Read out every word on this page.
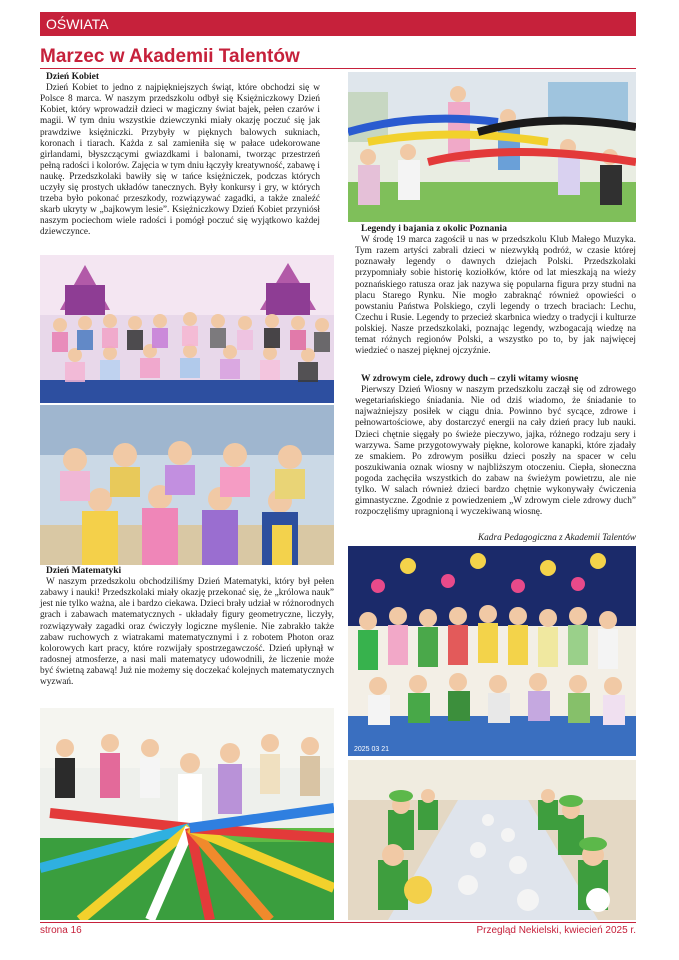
OŚWIATA
Marzec w Akademii Talentów
Dzień Kobiet

Dzień Kobiet to jedno z najpiękniejszych świąt, które obchodzi się w Polsce 8 marca. W naszym przedszkolu odbył się Księżniczkowy Dzień Kobiet, który wprowadził dzieci w magiczny świat bajek, pełen czarów i magii. W tym dniu wszystkie dziewczynki miały okazję poczuć się jak prawdziwe księżniczki. Przybyły w pięknych balowych sukniach, koronach i tiarach. Każda z sal zamieniła się w pałace udekorowane girlandami, błyszczącymi gwiazdkami i balonami, tworząc przestrzeń pełną radości i kolorów. Zajęcia w tym dniu łączyły kreatywność, zabawę i naukę. Przedszkolaki bawiły się w tańce księżniczek, podczas których uczyły się prostych układów tanecznych. Były konkursy i gry, w których trzeba było pokonać przeszkody, rozwiązywać zagadki, a także znaleźć skarb ukryty w „bajkowym lesie”. Księżniczkowy Dzień Kobiet przyniósł naszym pociechom wiele radości i pomógł poczuć się wyjątkowo każdej dziewczynce.

Dzień Matematyki

W naszym przedszkolu obchodziliśmy Dzień Matematyki, który był pełen zabawy i nauki! Przedszkolaki miały okazję przekonać się, że „królowa nauk” jest nie tylko ważna, ale i bardzo ciekawa. Dzieci brały udział w różnorodnych grach i zabawach matematycznych - układały figury geometryczne, liczyły, rozwiązywały zagadki oraz ćwiczyły logiczne myślenie. Nie zabrakło także zabaw ruchowych z wiatrakami matematycznymi i z robotem Photon oraz kolorowych kart pracy, które rozwijały spostrzegawczość. Dzień upłynął w radosnej atmosferze, a nasi mali matematycy udowodnili, że liczenie może być świetną zabawą! Już nie możemy się doczekać kolejnych matematycznych wyzwań.

Legendy i bajania z okolic Poznania

W środę 19 marca zagościł u nas w przedszkolu Klub Małego Muzyka. Tym razem artyści zabrali dzieci w niezwykłą podróż, w czasie której poznawały legendy o dawnych dziejach Polski. Przedszkolaki przypomniały sobie historię koziołków, które od lat mieszkają na wieży poznańskiego ratusza oraz jak nazywa się popularna figura przy studni na placu Starego Rynku. Nie mogło zabraknąć również opowieści o powstaniu Państwa Polskiego, czyli legendy o trzech braciach: Lechu, Czechu i Rusie. Legendy to przecież skarbnica wiedzy o tradycji i kulturze polskiej. Nasze przedszkolaki, poznając legendy, wzbogacają wiedzę na temat różnych regionów Polski, a wszystko po to, by jak najwięcej wiedzieć o naszej pięknej ojczyźnie.

W zdrowym ciele, zdrowy duch – czyli witamy wiosnę

Pierwszy Dzień Wiosny w naszym przedszkolu zaczął się od zdrowego wegetariańskiego śniadania. Nie od dziś wiadomo, że śniadanie to najważniejszy posiłek w ciągu dnia. Powinno być sycące, zdrowe i pełnowartościowe, aby dostarczyć energii na cały dzień pracy lub nauki. Dzieci chętnie sięgały po świeże pieczywo, jajka, różnego rodzaju sery i warzywa. Same przygotowywały piękne, kolorowe kanapki, które zjadały ze smakiem. Po zdrowym posiłku dzieci poszły na spacer w celu poszukiwania oznak wiosny w najbliższym otoczeniu. Ciepła, słoneczna pogoda zachęciła wszystkich do zabaw na świeżym powietrzu, ale nie tylko. W salach również dzieci bardzo chętnie wykonywały ćwiczenia gimnastyczne. Zgodnie z powiedzeniem „W zdrowym ciele zdrowy duch” rozpoczęliśmy upragnioną i wyczekiwaną wiosnę.

Kadra Pedagogiczna z Akademii Talentów
2025 03 21
strona 16	Przegląd Nekielski, kwiecień 2025 r.
